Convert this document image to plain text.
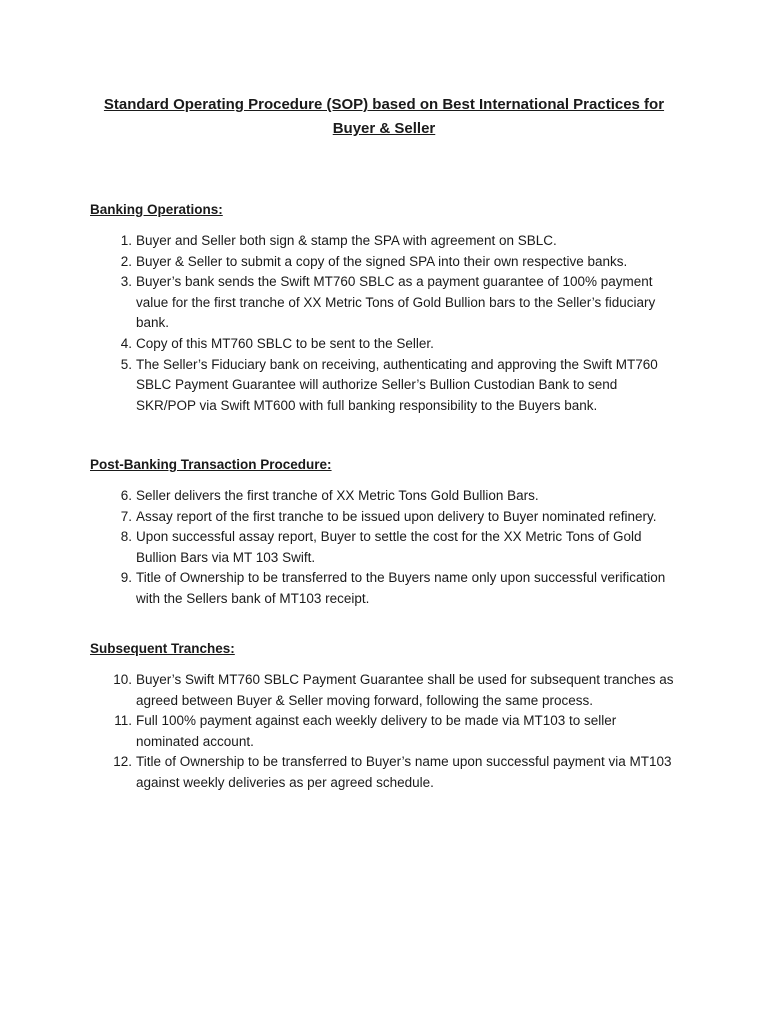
Standard Operating Procedure (SOP) based on Best International Practices for Buyer & Seller
Banking Operations:
1. Buyer and Seller both sign & stamp the SPA with agreement on SBLC.
2. Buyer & Seller to submit a copy of the signed SPA into their own respective banks.
3. Buyer’s bank sends the Swift MT760 SBLC as a payment guarantee of 100% payment value for the first tranche of XX Metric Tons of Gold Bullion bars to the Seller’s fiduciary bank.
4. Copy of this MT760 SBLC to be sent to the Seller.
5. The Seller’s Fiduciary bank on receiving, authenticating and approving the Swift MT760 SBLC Payment Guarantee will authorize Seller’s Bullion Custodian Bank to send SKR/POP via Swift MT600 with full banking responsibility to the Buyers bank.
Post-Banking Transaction Procedure:
6. Seller delivers the first tranche of XX Metric Tons Gold Bullion Bars.
7. Assay report of the first tranche to be issued upon delivery to Buyer nominated refinery.
8. Upon successful assay report, Buyer to settle the cost for the XX Metric Tons of Gold Bullion Bars via MT 103 Swift.
9. Title of Ownership to be transferred to the Buyers name only upon successful verification with the Sellers bank of MT103 receipt.
Subsequent Tranches:
10. Buyer’s Swift MT760 SBLC Payment Guarantee shall be used for subsequent tranches as agreed between Buyer & Seller moving forward, following the same process.
11. Full 100% payment against each weekly delivery to be made via MT103 to seller nominated account.
12. Title of Ownership to be transferred to Buyer’s name upon successful payment via MT103 against weekly deliveries as per agreed schedule.
